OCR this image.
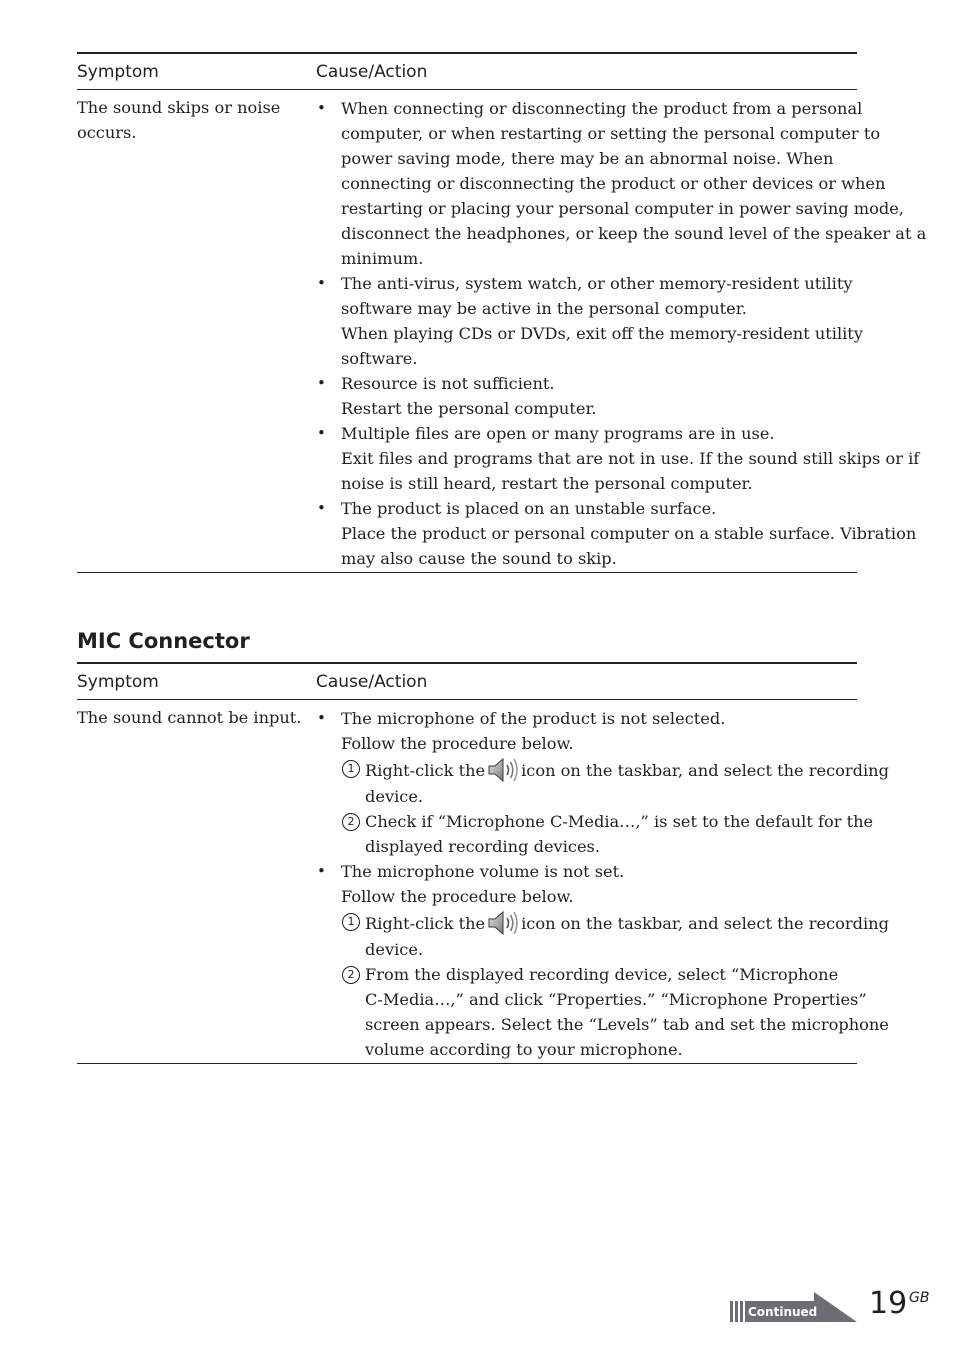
Symptom	Cause/Action
The sound skips or noise
occurs.
• When connecting or disconnecting the product from a personal
computer, or when restarting or setting the personal computer to
power saving mode, there may be an abnormal noise. When
connecting or disconnecting the product or other devices or when
restarting or placing your personal computer in power saving mode,
disconnect the headphones, or keep the sound level of the speaker at a
minimum.
• The anti-virus, system watch, or other memory-resident utility
software may be active in the personal computer.
When playing CDs or DVDs, exit off the memory-resident utility
software.
• Resource is not sufficient.
Restart the personal computer.
• Multiple files are open or many programs are in use.
Exit files and programs that are not in use. If the sound still skips or if
noise is still heard, restart the personal computer.
• The product is placed on an unstable surface.
Place the product or personal computer on a stable surface. Vibration
may also cause the sound to skip.
MIC Connector
Symptom	Cause/Action
The sound cannot be input. • The microphone of the product is not selected.
Follow the procedure below.
1 Right-click the icon on the taskbar, and select the recording
device.
2 Check if “Microphone C-Media…,” is set to the default for the
displayed recording devices.
• The microphone volume is not set.
Follow the procedure below.
1 Right-click the icon on the taskbar, and select the recording
device.
2 From the displayed recording device, select “Microphone
C-Media…,” and click “Properties.” “Microphone Properties”
screen appears. Select the “Levels” tab and set the microphone
volume according to your microphone.
Continued 19 GB
